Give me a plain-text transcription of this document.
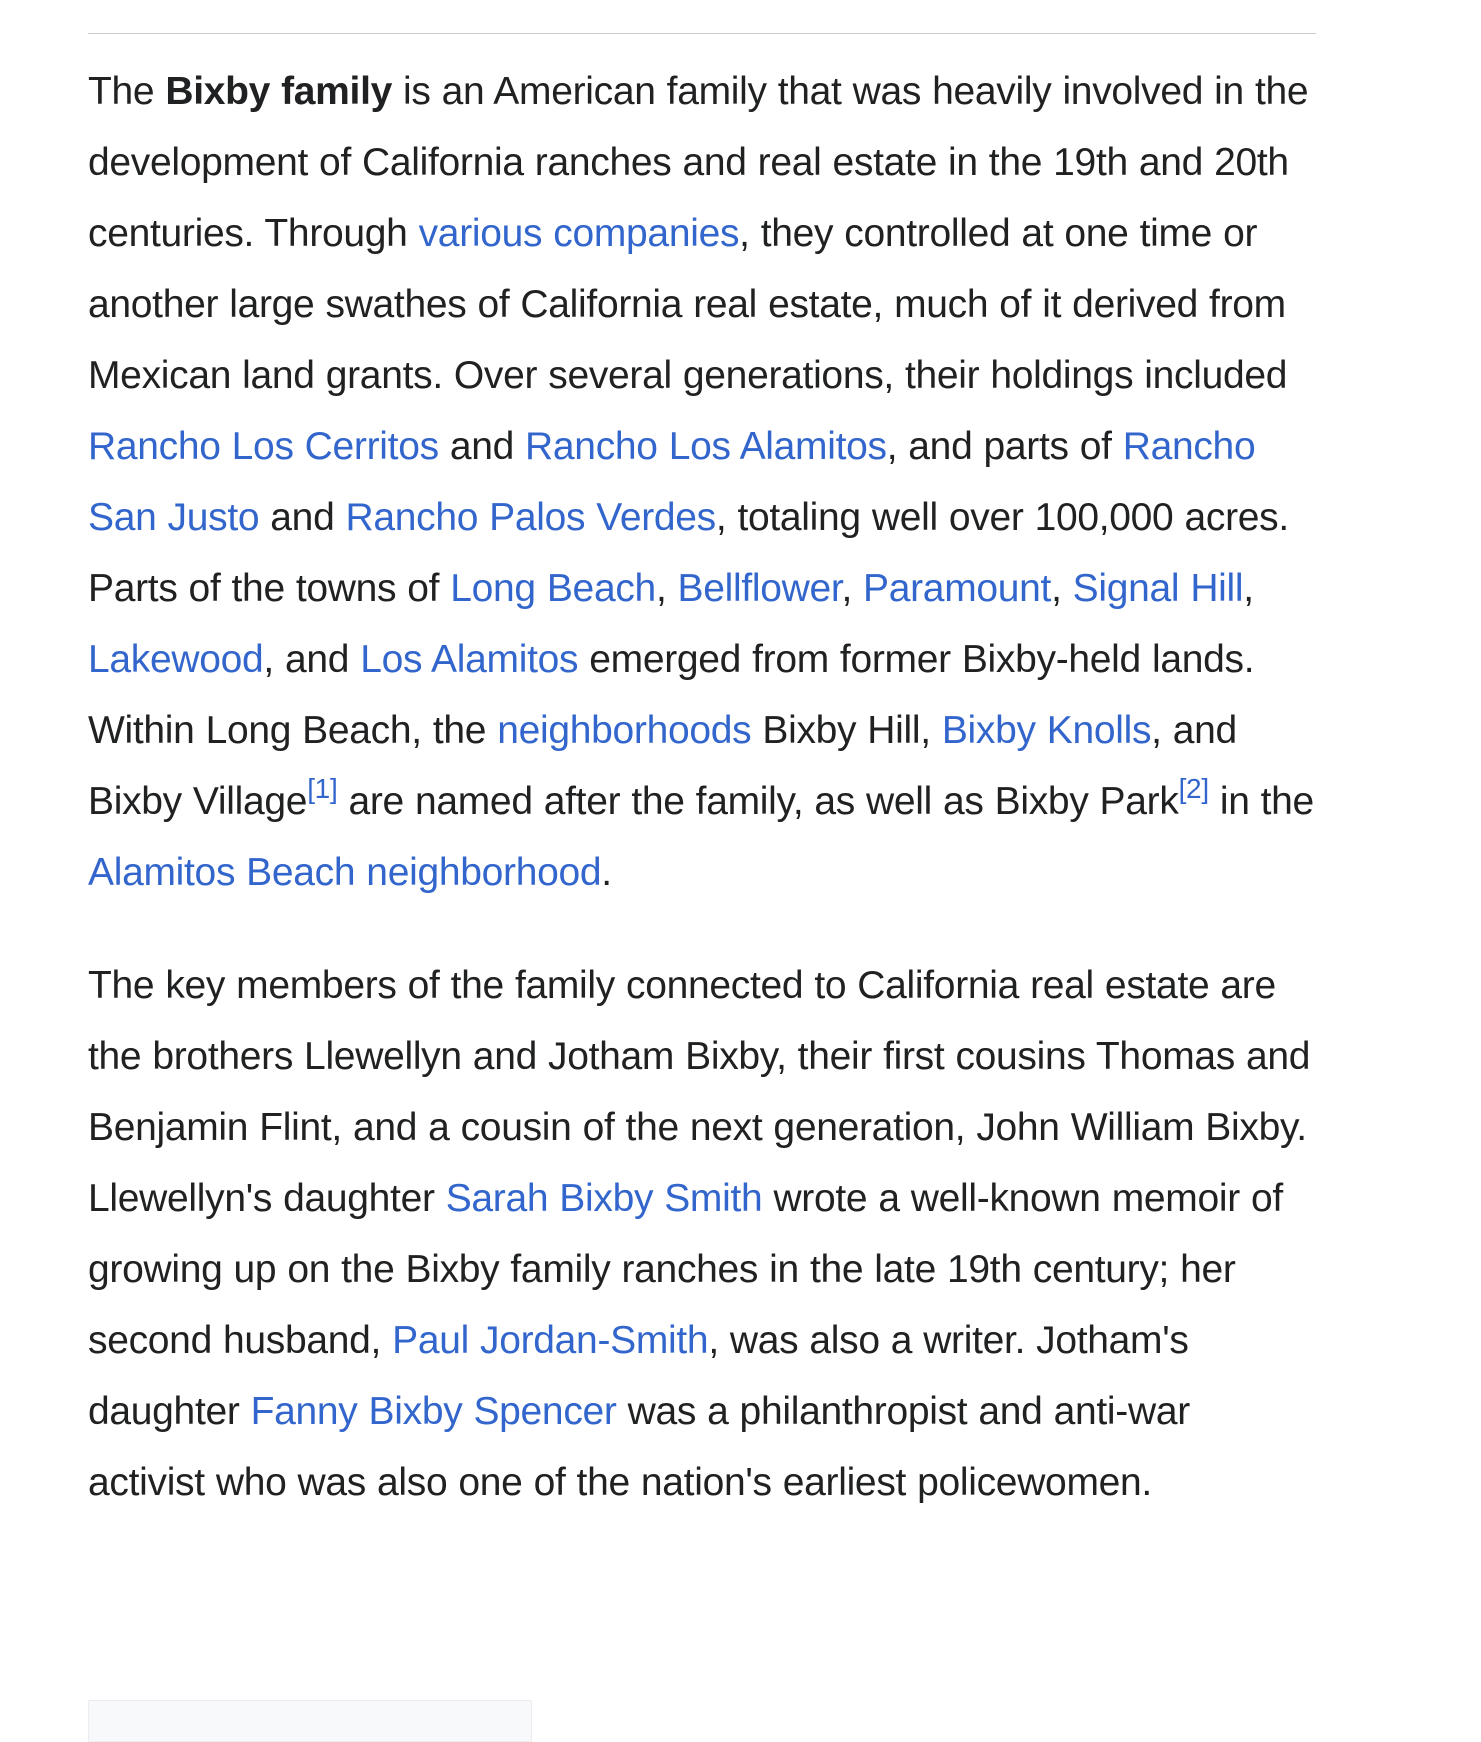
The Bixby family is an American family that was heavily involved in the development of California ranches and real estate in the 19th and 20th centuries. Through various companies, they controlled at one time or another large swathes of California real estate, much of it derived from Mexican land grants. Over several generations, their holdings included Rancho Los Cerritos and Rancho Los Alamitos, and parts of Rancho San Justo and Rancho Palos Verdes, totaling well over 100,000 acres. Parts of the towns of Long Beach, Bellflower, Paramount, Signal Hill, Lakewood, and Los Alamitos emerged from former Bixby-held lands. Within Long Beach, the neighborhoods Bixby Hill, Bixby Knolls, and Bixby Village[1] are named after the family, as well as Bixby Park[2] in the Alamitos Beach neighborhood.

The key members of the family connected to California real estate are the brothers Llewellyn and Jotham Bixby, their first cousins Thomas and Benjamin Flint, and a cousin of the next generation, John William Bixby. Llewellyn's daughter Sarah Bixby Smith wrote a well-known memoir of growing up on the Bixby family ranches in the late 19th century; her second husband, Paul Jordan-Smith, was also a writer. Jotham's daughter Fanny Bixby Spencer was a philanthropist and anti-war activist who was also one of the nation's earliest policewomen.
